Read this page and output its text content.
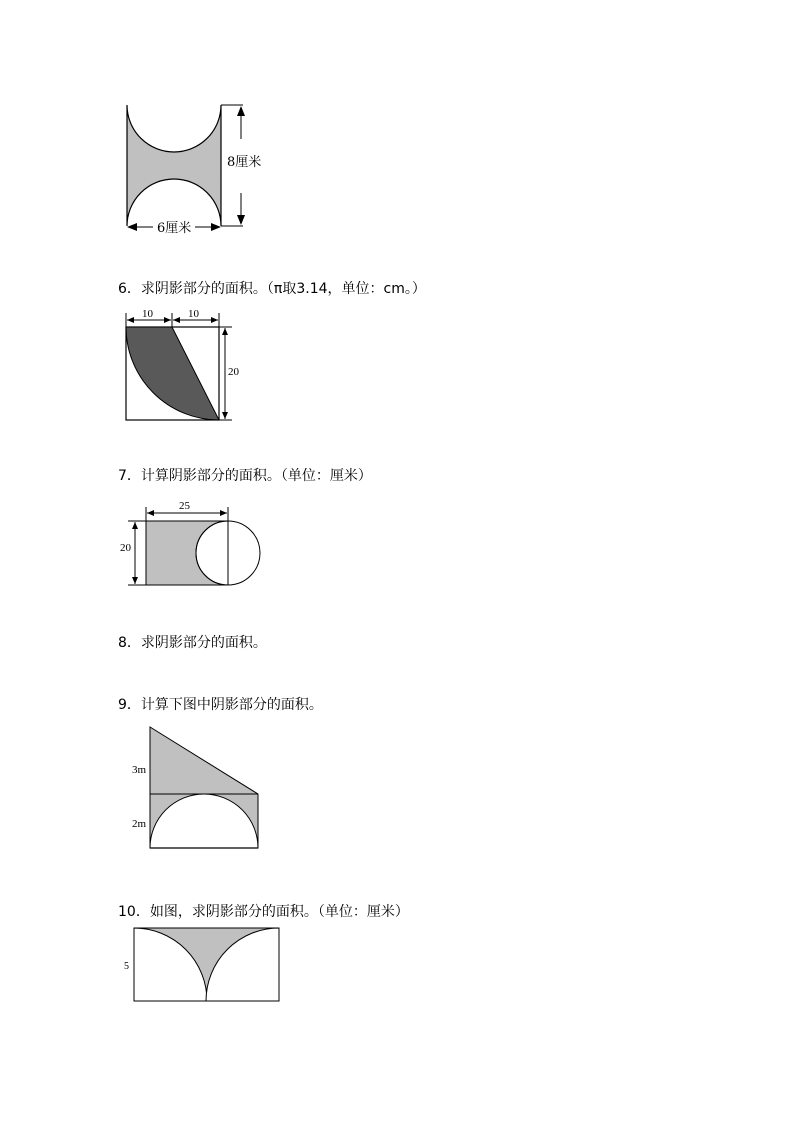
8厘米
6厘米
6．求阴影部分的面积。（π取3.14，单位：cm。）
10	10
20
7．计算阴影部分的面积。（单位：厘米）
25
20
8．求阴影部分的面积。
9．计算下图中阴影部分的面积。
3m
2m
10．如图，求阴影部分的面积。（单位：厘米）
5
